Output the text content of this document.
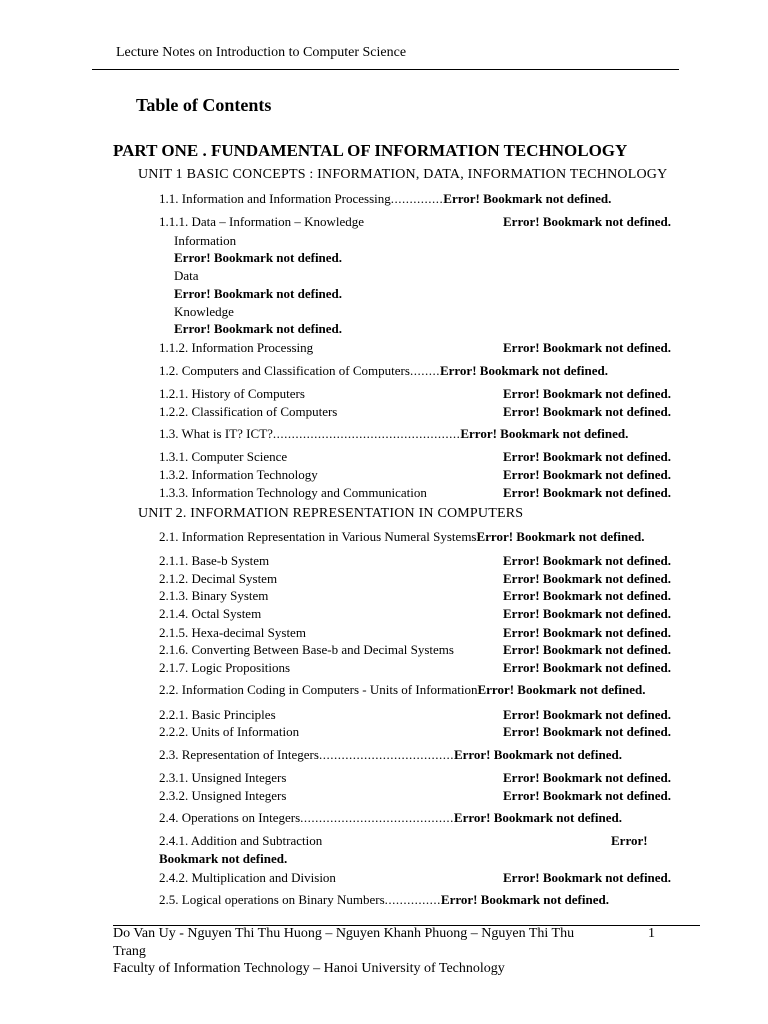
Lecture Notes on Introduction to Computer Science
Table of Contents
PART ONE . FUNDAMENTAL OF INFORMATION TECHNOLOGY
UNIT 1 BASIC CONCEPTS : INFORMATION, DATA, INFORMATION TECHNOLOGY
1.1. Information and Information Processing..............Error! Bookmark not defined.
1.1.1. Data – Information – Knowledge	Error! Bookmark not defined.
Information
Error! Bookmark not defined.
Data
Error! Bookmark not defined.
Knowledge
Error! Bookmark not defined.
1.1.2. Information Processing	Error! Bookmark not defined.
1.2. Computers and Classification of Computers........Error! Bookmark not defined.
1.2.1. History of Computers	Error! Bookmark not defined.
1.2.2. Classification of Computers	Error! Bookmark not defined.
1.3. What is IT? ICT?..................................................Error! Bookmark not defined.
1.3.1. Computer Science	Error! Bookmark not defined.
1.3.2. Information Technology	Error! Bookmark not defined.
1.3.3. Information Technology and Communication	Error! Bookmark not defined.
UNIT 2. INFORMATION REPRESENTATION IN COMPUTERS
2.1. Information Representation in Various Numeral SystemsError! Bookmark not defined.
2.1.1. Base-b System	Error! Bookmark not defined.
2.1.2. Decimal System	Error! Bookmark not defined.
2.1.3. Binary System	Error! Bookmark not defined.
2.1.4. Octal System	Error! Bookmark not defined.
2.1.5. Hexa-decimal System	Error! Bookmark not defined.
2.1.6. Converting Between Base-b and Decimal Systems	Error! Bookmark not defined.
2.1.7. Logic Propositions	Error! Bookmark not defined.
2.2. Information Coding in Computers - Units of InformationError! Bookmark not defined.
2.2.1. Basic Principles	Error! Bookmark not defined.
2.2.2. Units of Information	Error! Bookmark not defined.
2.3. Representation of Integers....................................Error! Bookmark not defined.
2.3.1. Unsigned Integers	Error! Bookmark not defined.
2.3.2. Unsigned Integers	Error! Bookmark not defined.
2.4. Operations on Integers.........................................Error! Bookmark not defined.
2.4.1. Addition and Subtraction	Error!
Bookmark not defined.
2.4.2. Multiplication and Division	Error! Bookmark not defined.
2.5. Logical operations on Binary Numbers...............Error! Bookmark not defined.
Do Van Uy - Nguyen Thi Thu Huong – Nguyen Khanh Phuong – Nguyen Thi Thu	1
Trang
Faculty of Information Technology – Hanoi University of Technology
